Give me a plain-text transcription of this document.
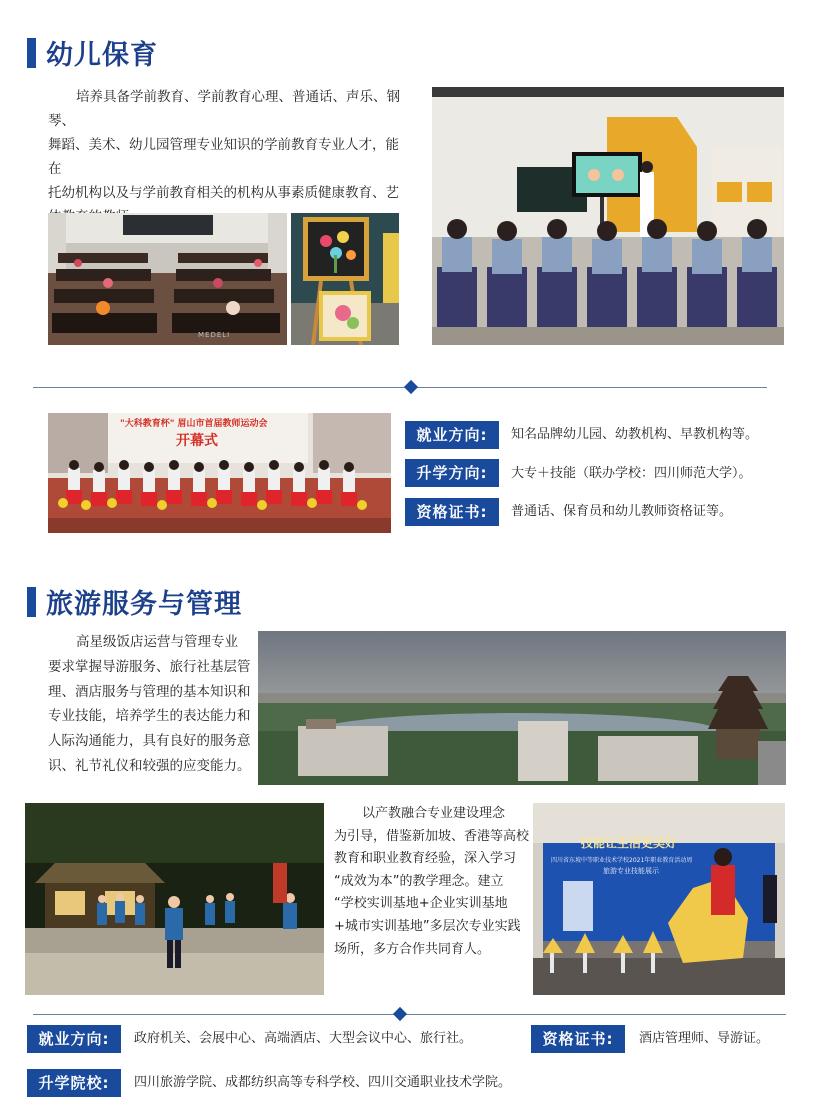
幼儿保育
培养具备学前教育、学前教育心理、普通话、声乐、钢琴、
舞蹈、美术、幼儿园管理专业知识的学前教育专业人才，能在
托幼机构以及与学前教育相关的机构从事素质健康教育、艺
MEDELI
"大科教育杯" 眉山市首届教师运动会
开幕式	就业方向:	知名品牌幼儿园、幼教机构、早教机构等。
升学方向:	大专＋技能（联办学校：四川师范大学）。
资格证书:	普通话、保育员和幼儿教师资格证等。
旅游服务与管理
高星级饭店运营与管理专业
要求掌握导游服务、旅行社基层管
理、酒店服务与管理的基本知识和
专业技能，培养学生的表达能力和
人际沟通能力，具有良好的服务意
识、礼节礼仪和较强的应变能力。
以产教融合专业建设理念
为引导，借鉴新加坡、香港等高校
教育和职业教育经验，深入学习
“成效为本”的教学理念。建立
“学校实训基地+企业实训基地
+城市实训基地”多层次专业实践
场所，多方合作共同育人。
技能让生活更美好
四川省东坡中等职业技术学校2021年职业教育活动周
旅游专业技能展示
就业方向:	政府机关、会展中心、高端酒店、大型会议中心、旅行社。	资格证书:	酒店管理师、导游证。
升学院校:	四川旅游学院、成都纺织高等专科学校、四川交通职业技术学院。
